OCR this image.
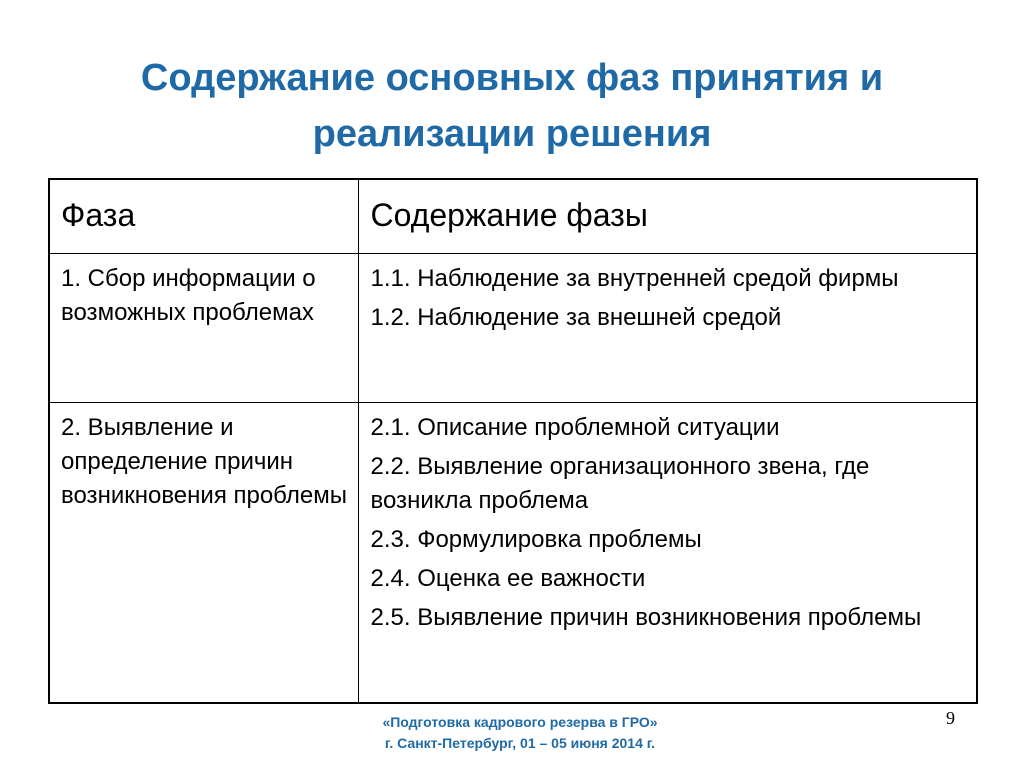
Содержание основных фаз принятия и
реализации решения
Фаза	Содержание фазы
1. Сбор информации о возможных проблемах	1.1. Наблюдение за внутренней средой фирмы
1.2. Наблюдение за внешней средой

2. Выявление и определение причин возникновения проблемы	2.1. Описание проблемной ситуации
2.2. Выявление организационного звена, где возникла проблема
2.3. Формулировка проблемы
2.4. Оценка ее важности
2.5. Выявление причин возникновения проблемы
9
«Подготовка кадрового резерва в ГРО»
г. Санкт-Петербург, 01 – 05 июня 2014 г.
